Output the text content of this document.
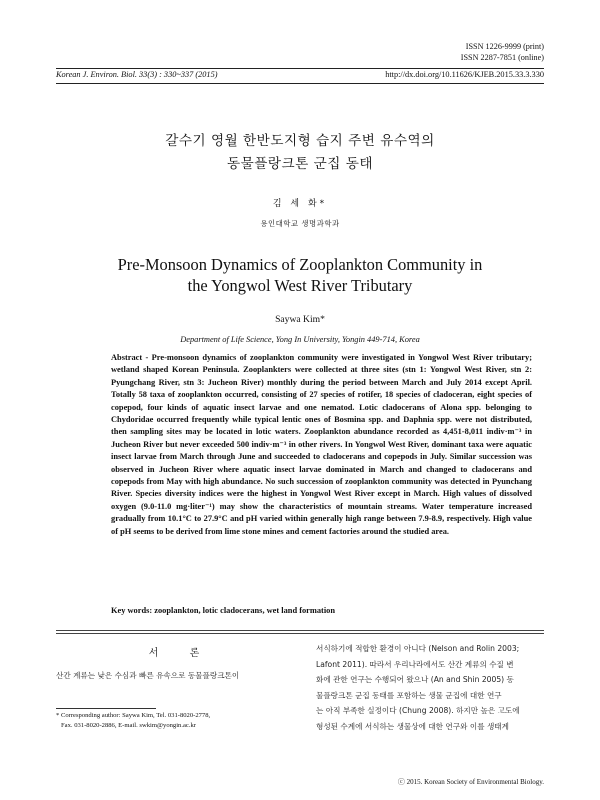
ISSN 1226-9999 (print)
ISSN 2287-7851 (online)
Korean J. Environ. Biol. 33(3) : 330~337 (2015)	http://dx.doi.org/10.11626/KJEB.2015.33.3.330
갈수기 영월 한반도지형 습지 주변 유수역의
동물플랑크톤 군집 동태
김 세 화*
용인대학교 생명과학과
Pre-Monsoon Dynamics of Zooplankton Community in
the Yongwol West River Tributary
Saywa Kim*
Department of Life Science, Yong In University, Yongin 449-714, Korea
Abstract - Pre-monsoon dynamics of zooplankton community were investigated in Yongwol West River tributary; wetland shaped Korean Peninsula. Zooplankters were collected at three sites (stn 1: Yongwol West River, stn 2: Pyungchang River, stn 3: Jucheon River) monthly during the period between March and July 2014 except April. Totally 58 taxa of zooplankton occurred, consisting of 27 species of rotifer, 18 species of cladoceran, eight species of copepod, four kinds of aquatic insect larvae and one nematod. Lotic cladocerans of Alona spp. belonging to Chydoridae occurred frequently while typical lentic ones of Bosmina spp. and Daphnia spp. were not distributed, then sampling sites may be located in lotic waters. Zooplankton abundance recorded as 4,451-8,011 indiv·m⁻³ in Jucheon River but never exceeded 500 indiv·m⁻³ in other rivers. In Yongwol West River, dominant taxa were aquatic insect larvae from March through June and succeeded to cladocerans and copepods in July. Similar succession was observed in Jucheon River where aquatic insect larvae dominated in March and changed to cladocerans and copepods from May with high abundance. No such succession of zooplankton community was detected in Pyunchang River. Species diversity indices were the highest in Yongwol West River except in March. High values of dissolved oxygen (9.0-11.0 mg·liter⁻¹) may show the characteristics of mountain streams. Water temperature increased gradually from 10.1°C to 27.9°C and pH varied within generally high range between 7.9-8.9, respectively. High value of pH seems to be derived from lime stone mines and cement factories around the studied area.
Key words: zooplankton, lotic cladocerans, wet land formation
서 론
산간 계류는 낮은 수심과 빠른 유속으로 동물플랑크톤이
서식하기에 적합한 환경이 아니다 (Nelson and Rolin 2003;
Lafont 2011). 따라서 우리나라에서도 산간 계류의 수질 변
화에 관한 연구는 수행되어 왔으나 (An and Shin 2005) 동
물플랑크톤 군집 동태를 포함하는 생물 군집에 대한 연구
는 아직 부족한 실정이다 (Chung 2008). 하지만 높은 고도에
형성된 수계에 서식하는 생물상에 대한 연구와 이를 생태계
* Corresponding author: Saywa Kim, Tel. 031-8020-2778,
Fax. 031-8020-2886, E-mail. swkim@yongin.ac.kr
ⓒ 2015. Korean Society of Environmental Biology.
